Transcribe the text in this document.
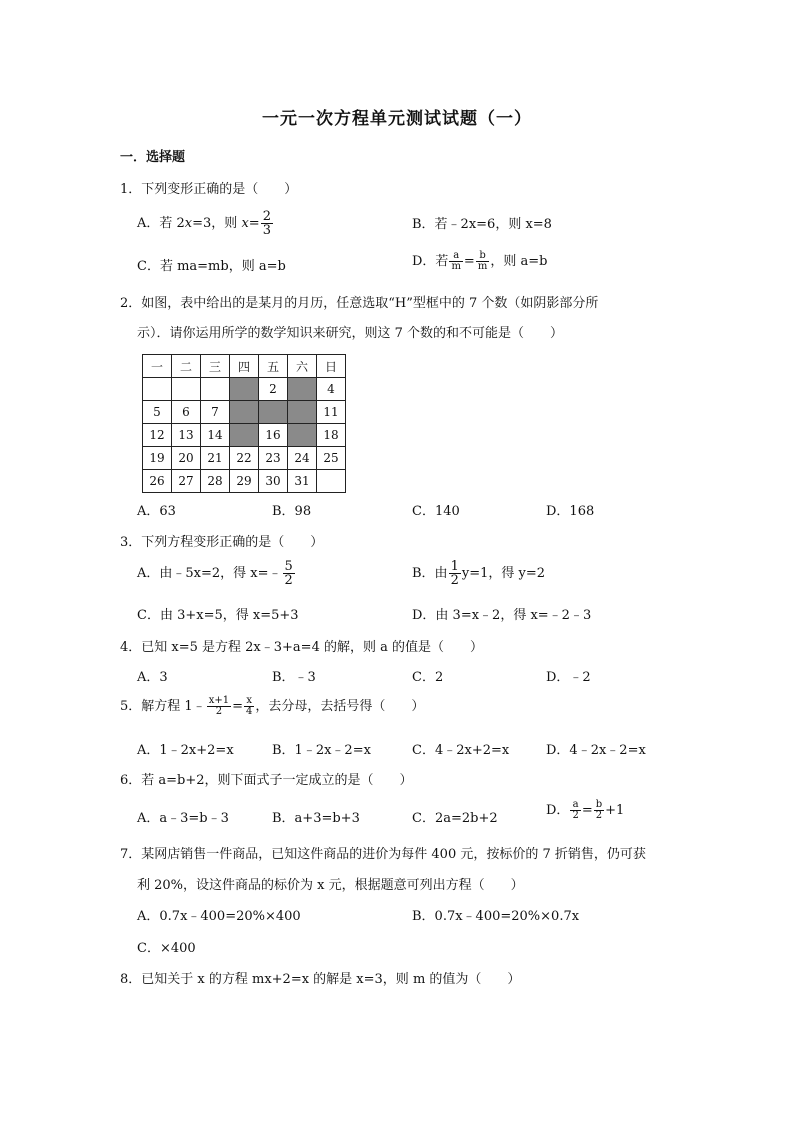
一元一次方程单元测试试题（一）
一．选择题
1．下列变形正确的是（　　）
A．若 2x=3，则 $x= \frac{2}{3}$	B．若﹣2x=6，则 x=8
C．若 ma=mb，则 a=b	D．若 $\frac{a}{m} = \frac{b}{m}$ ，则 a=b
2．如图，表中给出的是某月的月历，任意选取“H”型框中的 7 个数（如阴影部分所
示）．请你运用所学的数学知识来研究，则这 7 个数的和不可能是（　　）
一	二	三	四	五	六	日
				2		4
5	6	7				11
12	13	14		16		18
19	20	21	22	23	24	25
26	27	28	29	30	31	
A．63	B．98	C．140	D．168
3．下列方程变形正确的是（　　）
A．由﹣5x=2，得 x=﹣ $\frac{5}{2}$	B．由 $\frac{1}{2} y=1$，得 y=2
C．由 3+x=5，得 x=5+3	D．由 3=x﹣2，得 x=﹣2﹣3
4．已知 x=5 是方程 2x﹣3+a=4 的解，则 a 的值是（　　）
A．3	B．﹣3	C．2	D．﹣2
5．解方程 1﹣ $\frac{x+1}{2} = \frac{x}{4}$ ，去分母，去括号得（　　）
A．1﹣2x+2=x	B．1﹣2x﹣2=x	C．4﹣2x+2=x	D．4﹣2x﹣2=x
6．若 a=b+2，则下面式子一定成立的是（　　）
A．a﹣3=b﹣3	B．a+3=b+3	C．2a=2b+2
D． $\frac{a}{2} = \frac{b}{2} +1$
7．某网店销售一件商品，已知这件商品的进价为每件 400 元，按标价的 7 折销售，仍可获
利 20%，设这件商品的标价为 x 元，根据题意可列出方程（　　）
A．0.7x﹣400=20%×400	B．0.7x﹣400=20%×0.7x
C．×400
8．已知关于 x 的方程 mx+2=x 的解是 x=3，则 m 的值为（　　）
